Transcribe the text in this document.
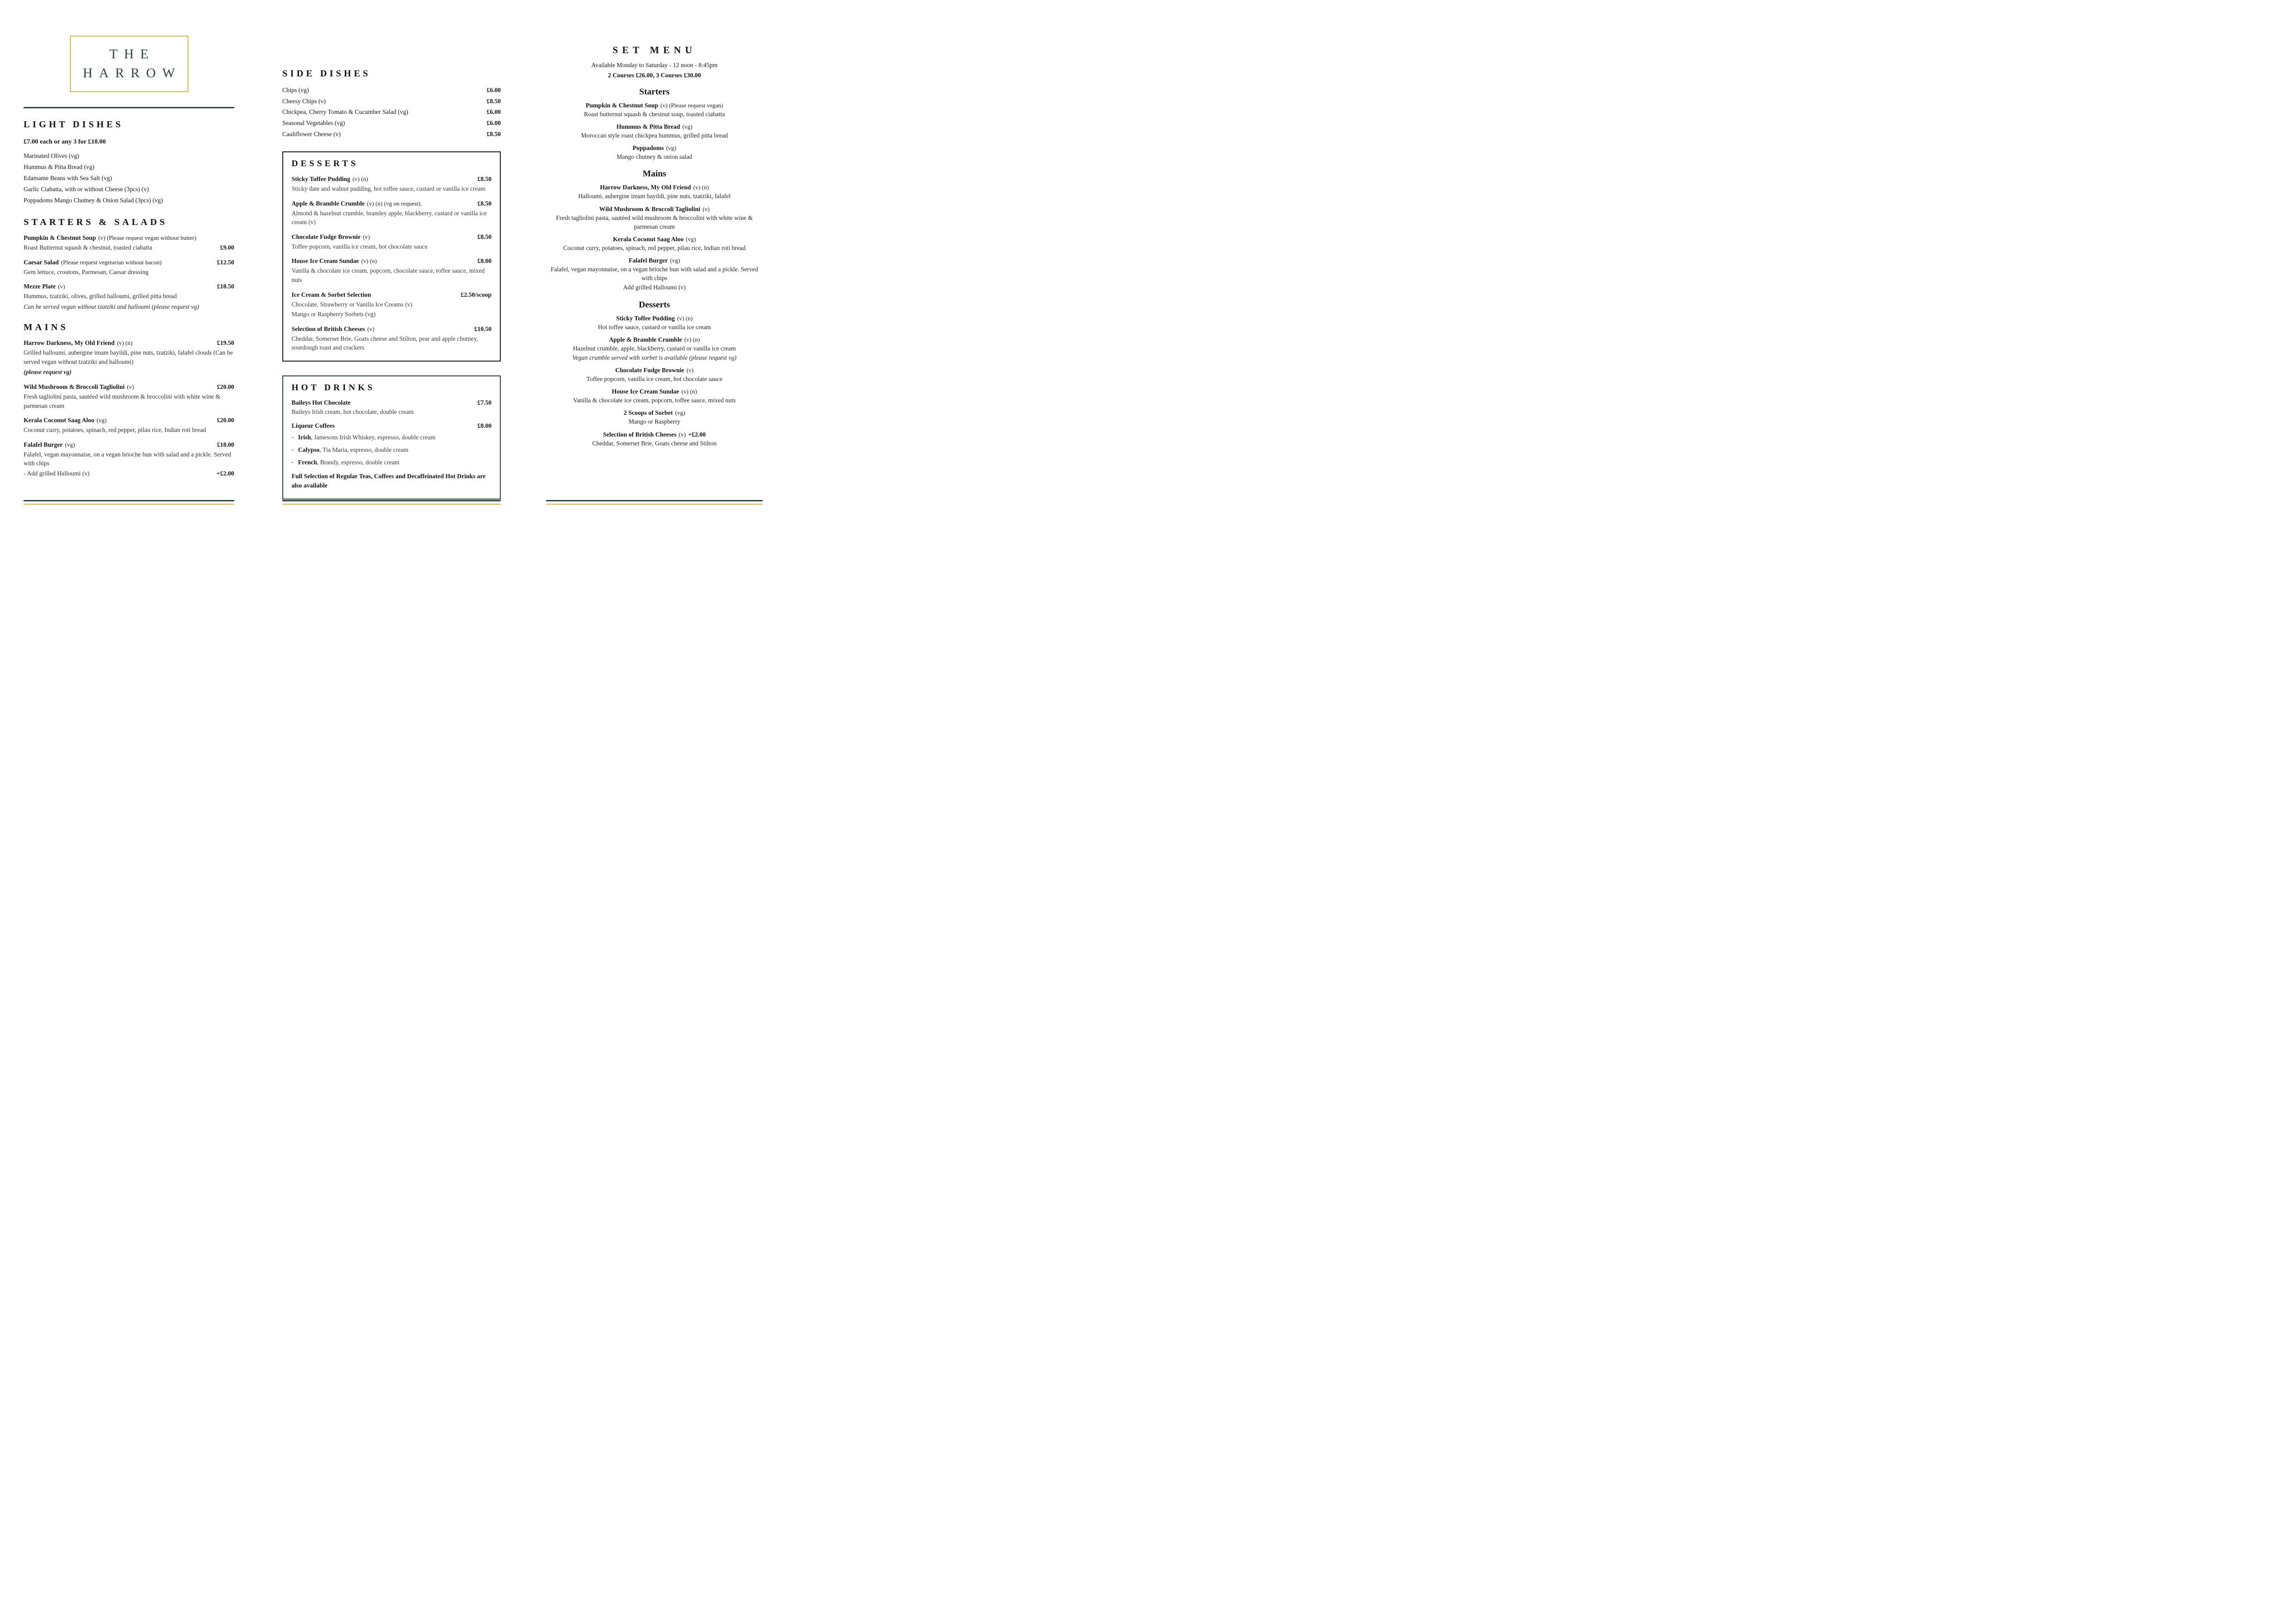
THE
HARROW
LIGHT DISHES
£7.00 each or any 3 for £18.00
Marinated Olives (vg)
Hummus & Pitta Bread (vg)
Edamame Beans with Sea Salt (vg)
Garlic Ciabatta, with or without Cheese (3pcs) (v)
Poppadoms Mango Chutney & Onion Salad (3pcs) (vg)
STARTERS & SALADS
Pumpkin & Chestnut Soup (v) (Please request vegan without butter)
Roast Butternut squash & chestnut, toasted ciabatta	£9.00
Caesar Salad (Please request vegetarian without bacon)	£12.50
Gem lettuce, croutons, Parmesan, Caesar dressing
Mezze Plate (v)	£18.50
Hummus, tzatziki, olives, grilled halloumi, grilled pitta bread
Can be served vegan without tzatziki and halloumi (please request vg)
MAINS
Harrow Darkness, My Old Friend (v) (n)	£19.50
Grilled halloumi, aubergine imam bayildi, pine nuts, tzatziki, falafel clouds (Can be served vegan without tzatziki and halloumi)
(please request vg)
Wild Mushroom & Broccoli Tagliolini (v)	£20.00
Fresh tagliolini pasta, sautéed wild mushroom & broccolini with white wine & parmesan cream
Kerala Coconut Saag Aloo (vg)	£20.00
Coconut curry, potatoes, spinach, red pepper, pilau rice, Indian roti bread
Falafel Burger (vg)	£18.00
Falafel, vegan mayonnaise, on a vegan brioche bun with salad and a pickle. Served with chips
- Add grilled Halloumi (v)	+£2.00
SIDE DISHES
Chips (vg)	£6.00
Cheesy Chips (v)	£8.50
Chickpea, Cherry Tomato & Cucumber Salad (vg)	£6.00
Seasonal Vegetables (vg)	£6.00
Cauliflower Cheese (v)	£8.50
DESSERTS
Sticky Toffee Pudding (v) (n)	£8.50
Sticky date and walnut pudding, hot toffee sauce, custard or vanilla ice cream
Apple & Bramble Crumble (v) (n) (vg on request).	£8.50
Almond & hazelnut crumble, bramley apple, blackberry, custard or vanilla ice cream (v)
Chocolate Fudge Brownie (v)	£8.50
Toffee popcorn, vanilla ice cream, hot chocolate sauce
House Ice Cream Sundae (v) (n)	£8.00
Vanilla & chocolate ice cream, popcorn, chocolate sauce, toffee sauce, mixed nuts
Ice Cream & Sorbet Selection	£2.50/scoop
Chocolate, Strawberry or Vanilla Ice Creams (v)
Mango or Raspberry Sorbets (vg)
Selection of British Cheeses (v)	£10.50
Cheddar, Somerset Brie, Goats cheese and Stilton, pear and apple chutney, sourdough toast and crackers
HOT DRINKS
Baileys Hot Chocolate	£7.50
Baileys Irish cream, hot chocolate, double cream
Liqueur Coffees	£8.00
- Irish, Jamesons Irish Whiskey, espresso, double cream
- Calypso, Tia Maria, espresso, double cream
- French, Brandy, espresso, double cream
Full Selection of Regular Teas, Coffees and Decaffeinated Hot Drinks are also available
SET MENU
Available Monday to Saturday - 12 noon - 8:45pm
2 Courses £26.00, 3 Courses £30.00
Starters
Pumpkin & Chestnut Soup (v) (Please request vegan)
Roast butternut squash & chestnut soup, toasted ciabatta
Hummus & Pitta Bread (vg)
Moroccan style roast chickpea hummus, grilled pitta bread
Poppadoms (vg)
Mango chutney & onion salad
Mains
Harrow Darkness, My Old Friend (v) (n)
Halloumi, aubergine imam bayildi, pine nuts, tzatziki, falafel
Wild Mushroom & Broccoli Tagliolini (v)
Fresh tagliolini pasta, sautéed wild mushroom & broccolini with white wine & parmesan cream
Kerala Coconut Saag Aloo (vg)
Coconut curry, potatoes, spinach, red pepper, pilau rice, Indian roti bread
Falafel Burger (vg)
Falafel, vegan mayonnaise, on a vegan brioche bun with salad and a pickle. Served with chips
Add grilled Halloumi (v)
Desserts
Sticky Toffee Pudding (v) (n)
Hot toffee sauce, custard or vanilla ice cream
Apple & Bramble Crumble (v) (n)
Hazelnut crumble, apple, blackberry, custard or vanilla ice cream
Vegan crumble served with sorbet is available (please request vg)
Chocolate Fudge Brownie (v)
Toffee popcorn, vanilla ice cream, hot chocolate sauce
House Ice Cream Sundae (v) (n)
Vanilla & chocolate ice cream, popcorn, toffee sauce, mixed nuts
2 Scoops of Sorbet (vg)
Mango or Raspberry
Selection of British Cheeses (v) +£2.00
Cheddar, Somerset Brie, Goats cheese and Stilton
